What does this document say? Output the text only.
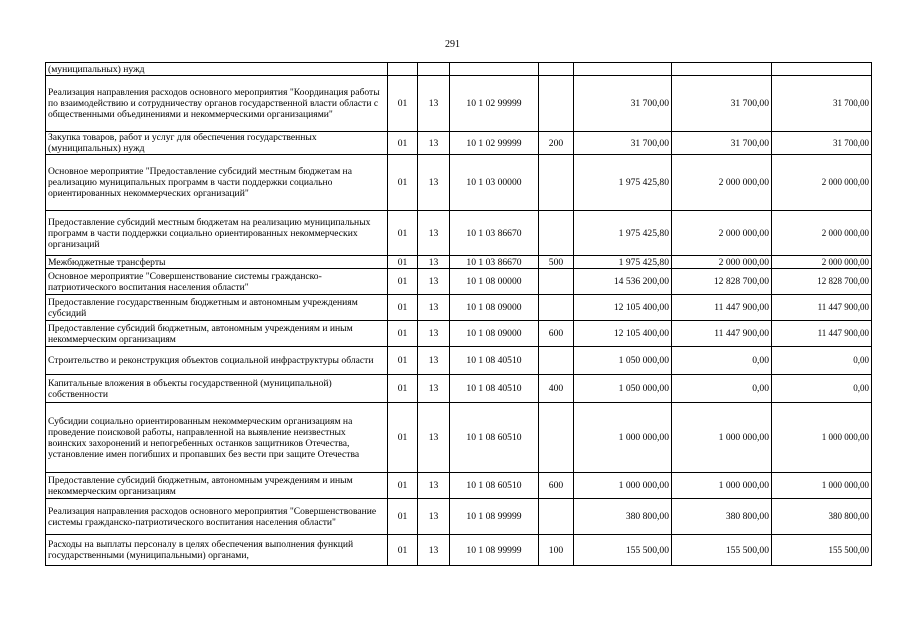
291
(муниципальных) нужд							
Реализация направления расходов основного мероприятия "Координация работы по взаимодействию и сотрудничеству органов государственной власти области с общественными объединениями и некоммерческими организациями"	01	13	10 1 02 99999		31 700,00	31 700,00	31 700,00
Закупка товаров, работ и услуг для обеспечения государственных (муниципальных) нужд	01	13	10 1 02 99999	200	31 700,00	31 700,00	31 700,00
Основное мероприятие "Предоставление субсидий местным бюджетам на реализацию муниципальных программ в части поддержки социально ориентированных некоммерческих организаций"	01	13	10 1 03 00000		1 975 425,80	2 000 000,00	2 000 000,00
Предоставление субсидий местным бюджетам на реализацию муниципальных программ в части поддержки социально ориентированных некоммерческих организаций	01	13	10 1 03 86670		1 975 425,80	2 000 000,00	2 000 000,00
Межбюджетные трансферты	01	13	10 1 03 86670	500	1 975 425,80	2 000 000,00	2 000 000,00
Основное мероприятие "Совершенствование системы гражданско-патриотического воспитания населения области"	01	13	10 1 08 00000		14 536 200,00	12 828 700,00	12 828 700,00
Предоставление государственным бюджетным и автономным учреждениям субсидий	01	13	10 1 08 09000		12 105 400,00	11 447 900,00	11 447 900,00
Предоставление субсидий бюджетным, автономным учреждениям и иным некоммерческим организациям	01	13	10 1 08 09000	600	12 105 400,00	11 447 900,00	11 447 900,00
Строительство и реконструкция объектов социальной инфраструктуры области	01	13	10 1 08 40510		1 050 000,00	0,00	0,00
Капитальные вложения в объекты государственной (муниципальной) собственности	01	13	10 1 08 40510	400	1 050 000,00	0,00	0,00
Субсидии социально ориентированным некоммерческим организациям на проведение поисковой работы, направленной на выявление неизвестных воинских захоронений и непогребенных останков защитников Отечества, установление имен погибших и пропавших без вести при защите Отечества	01	13	10 1 08 60510		1 000 000,00	1 000 000,00	1 000 000,00
Предоставление субсидий бюджетным, автономным учреждениям и иным некоммерческим организациям	01	13	10 1 08 60510	600	1 000 000,00	1 000 000,00	1 000 000,00
Реализация направления расходов основного мероприятия "Совершенствование системы гражданско-патриотического воспитания населения области"	01	13	10 1 08 99999		380 800,00	380 800,00	380 800,00
Расходы на выплаты персоналу в целях обеспечения выполнения функций государственными (муниципальными) органами,	01	13	10 1 08 99999	100	155 500,00	155 500,00	155 500,00
